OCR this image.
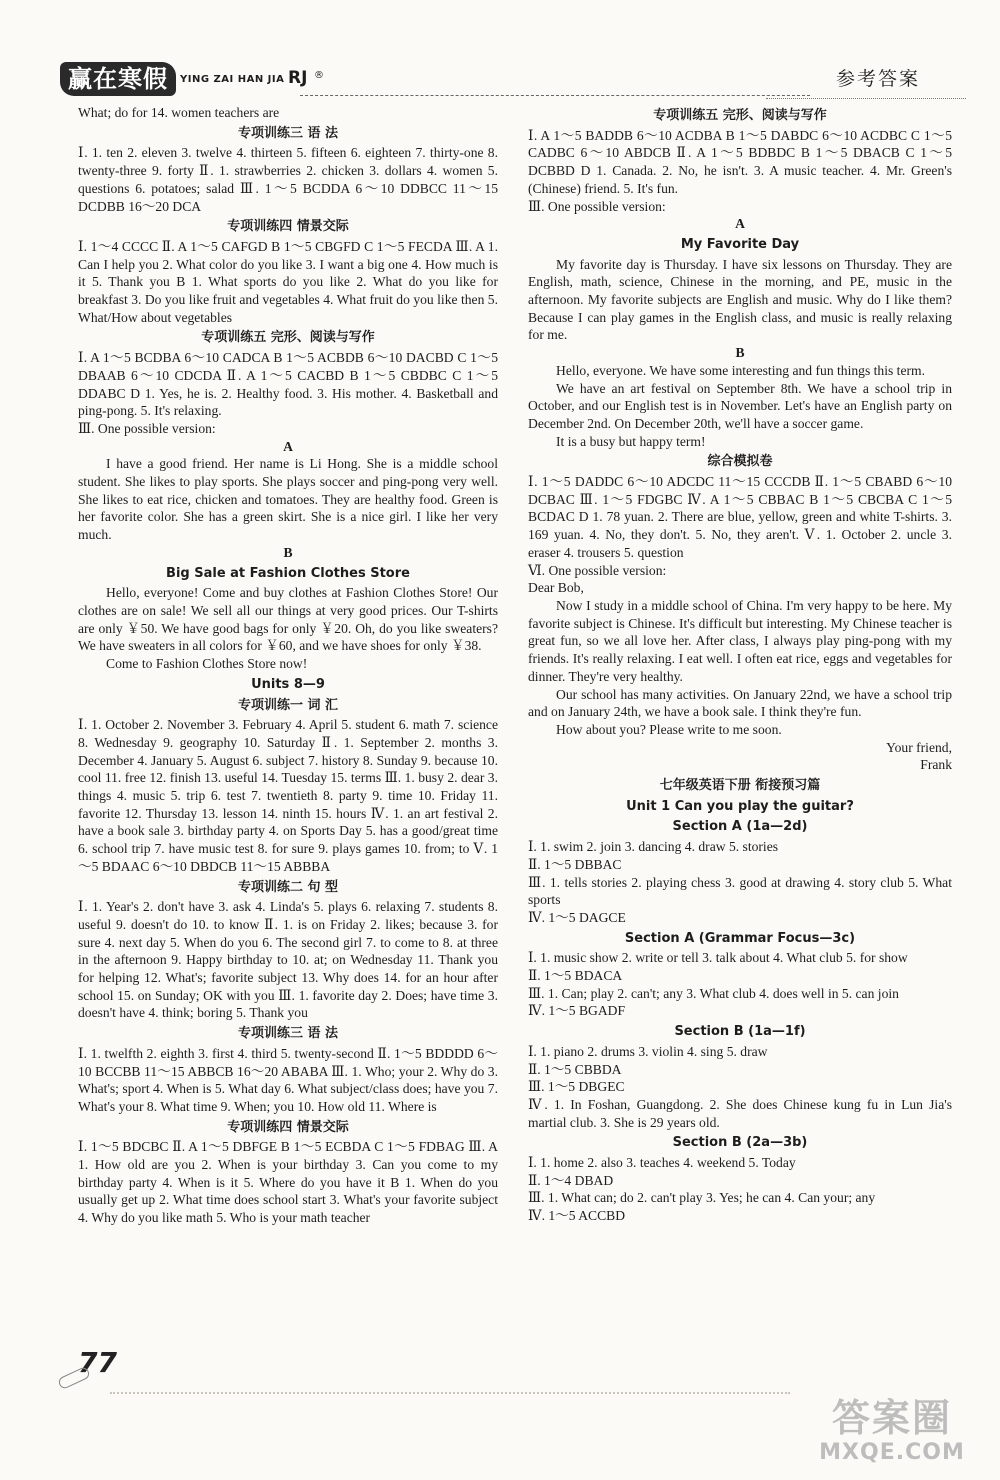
赢在寒假	YING ZAI HAN JIA RJ ®	参考答案

What; do for 14. women teachers are

专项训练三 语 法

Ⅰ. 1. ten 2. eleven 3. twelve 4. thirteen 5. fifteen 6. eighteen 7. thirty-one 8. twenty-three 9. forty Ⅱ. 1. strawberries 2. chicken 3. dollars 4. women 5. questions 6. potatoes; salad Ⅲ. 1～5 BCDDA 6～10 DDBCC 11～15 DCDBB 16～20 DCA

专项训练四 情景交际

Ⅰ. 1～4 CCCC Ⅱ. A 1～5 CAFGD B 1～5 CBGFD C 1～5 FECDA Ⅲ. A 1. Can I help you 2. What color do you like 3. I want a big one 4. How much is it 5. Thank you B 1. What sports do you like 2. What do you like for breakfast 3. Do you like fruit and vegetables 4. What fruit do you like then 5. What/How about vegetables

专项训练五 完形、阅读与写作

Ⅰ. A 1～5 BCDBA 6～10 CADCA B 1～5 ACBDB 6～10 DACBD C 1～5 DBAAB 6～10 CDCDA Ⅱ. A 1～5 CACBD B 1～5 CBDBC C 1～5 DDABC D 1. Yes, he is. 2. Healthy food. 3. His mother. 4. Basketball and ping-pong. 5. It's relaxing.

Ⅲ. One possible version:

A

I have a good friend. Her name is Li Hong. She is a middle school student. She likes to play sports. She plays soccer and ping-pong very well. She likes to eat rice, chicken and tomatoes. They are healthy food. Green is her favorite color. She has a green skirt. She is a nice girl. I like her very much.

B

Big Sale at Fashion Clothes Store

Hello, everyone! Come and buy clothes at Fashion Clothes Store! Our clothes are on sale! We sell all our things at very good prices. Our T-shirts are only ￥50. We have good bags for only ￥20. Oh, do you like sweaters? We have sweaters in all colors for ￥60, and we have shoes for only ￥38.

Come to Fashion Clothes Store now!

Units 8—9

专项训练一 词 汇

Ⅰ. 1. October 2. November 3. February 4. April 5. student 6. math 7. science 8. Wednesday 9. geography 10. Saturday Ⅱ. 1. September 2. months 3. December 4. January 5. August 6. subject 7. history 8. Sunday 9. because 10. cool 11. free 12. finish 13. useful 14. Tuesday 15. terms Ⅲ. 1. busy 2. dear 3. things 4. music 5. trip 6. test 7. twentieth 8. party 9. time 10. Friday 11. favorite 12. Thursday 13. lesson 14. ninth 15. hours Ⅳ. 1. an art festival 2. have a book sale 3. birthday party 4. on Sports Day 5. has a good/great time 6. school trip 7. have music test 8. for sure 9. plays games 10. from; to Ⅴ. 1～5 BDAAC 6～10 DBDCB 11～15 ABBBA

专项训练二 句 型

Ⅰ. 1. Year's 2. don't have 3. ask 4. Linda's 5. plays 6. relaxing 7. students 8. useful 9. doesn't do 10. to know Ⅱ. 1. is on Friday 2. likes; because 3. for sure 4. next day 5. When do you 6. The second girl 7. to come to 8. at three in the afternoon 9. Happy birthday to 10. at; on Wednesday 11. Thank you for helping 12. What's; favorite subject 13. Why does 14. for an hour after school 15. on Sunday; OK with you Ⅲ. 1. favorite day 2. Does; have time 3. doesn't have 4. think; boring 5. Thank you

专项训练三 语 法

Ⅰ. 1. twelfth 2. eighth 3. first 4. third 5. twenty-second Ⅱ. 1～5 BDDDD 6～10 BCCBB 11～15 ABBCB 16～20 ABABA Ⅲ. 1. Who; your 2. Why do 3. What's; sport 4. When is 5. What day 6. What subject/class does; have you 7. What's your 8. What time 9. When; you 10. How old 11. Where is

专项训练四 情景交际

Ⅰ. 1～5 BDCBC Ⅱ. A 1～5 DBFGE B 1～5 ECBDA C 1～5 FDBAG Ⅲ. A 1. How old are you 2. When is your birthday 3. Can you come to my birthday party 4. When is it 5. Where do you have it B 1. When do you usually get up 2. What time does school start 3. What's your favorite subject 4. Why do you like math 5. Who is your math teacher

专项训练五 完形、阅读与写作

Ⅰ. A 1～5 BADDB 6～10 ACDBA B 1～5 DABDC 6～10 ACDBC C 1～5 CADBC 6～10 ABDCB Ⅱ. A 1～5 BDBDC B 1～5 DBACB C 1～5 DCBBD D 1. Canada. 2. No, he isn't. 3. A music teacher. 4. Mr. Green's (Chinese) friend. 5. It's fun.

Ⅲ. One possible version:

A

My Favorite Day

My favorite day is Thursday. I have six lessons on Thursday. They are English, math, science, Chinese in the morning, and PE, music in the afternoon. My favorite subjects are English and music. Why do I like them? Because I can play games in the English class, and music is really relaxing for me.

B

Hello, everyone. We have some interesting and fun things this term.

We have an art festival on September 8th. We have a school trip in October, and our English test is in November. Let's have an English party on December 2nd. On December 20th, we'll have a soccer game.

It is a busy but happy term!

综合模拟卷

Ⅰ. 1～5 DADDC 6～10 ADCDC 11～15 CCCDB Ⅱ. 1～5 CBABD 6～10 DCBAC Ⅲ. 1～5 FDGBC Ⅳ. A 1～5 CBBAC B 1～5 CBCBA C 1～5 BCDAC D 1. 78 yuan. 2. There are blue, yellow, green and white T-shirts. 3. 169 yuan. 4. No, they don't. 5. No, they aren't. Ⅴ. 1. October 2. uncle 3. eraser 4. trousers 5. question

Ⅵ. One possible version:

Dear Bob,

Now I study in a middle school of China. I'm very happy to be here. My favorite subject is Chinese. It's difficult but interesting. My Chinese teacher is great fun, so we all love her. After class, I always play ping-pong with my friends. It's really relaxing. I eat well. I often eat rice, eggs and vegetables for dinner. They're very healthy.

Our school has many activities. On January 22nd, we have a school trip and on January 24th, we have a book sale. I think they're fun.

How about you? Please write to me soon.

Your friend,

Frank

七年级英语下册 衔接预习篇

Unit 1 Can you play the guitar?

Section A (1a—2d)

Ⅰ. 1. swim 2. join 3. dancing 4. draw 5. stories

Ⅱ. 1～5 DBBAC

Ⅲ. 1. tells stories 2. playing chess 3. good at drawing 4. story club 5. What sports

Ⅳ. 1～5 DAGCE

Section A (Grammar Focus—3c)

Ⅰ. 1. music show 2. write or tell 3. talk about 4. What club 5. for show

Ⅱ. 1～5 BDACA

Ⅲ. 1. Can; play 2. can't; any 3. What club 4. does well in 5. can join

Ⅳ. 1～5 BGADF

Section B (1a—1f)

Ⅰ. 1. piano 2. drums 3. violin 4. sing 5. draw

Ⅱ. 1～5 CBBDA

Ⅲ. 1～5 DBGEC

Ⅳ. 1. In Foshan, Guangdong. 2. She does Chinese kung fu in Lun Jia's martial club. 3. She is 29 years old.

Section B (2a—3b)

Ⅰ. 1. home 2. also 3. teaches 4. weekend 5. Today

Ⅱ. 1～4 DBAD

Ⅲ. 1. What can; do 2. can't play 3. Yes; he can 4. Can your; any

Ⅳ. 1～5 ACCBD

77
答案圈
MXQE.COM
